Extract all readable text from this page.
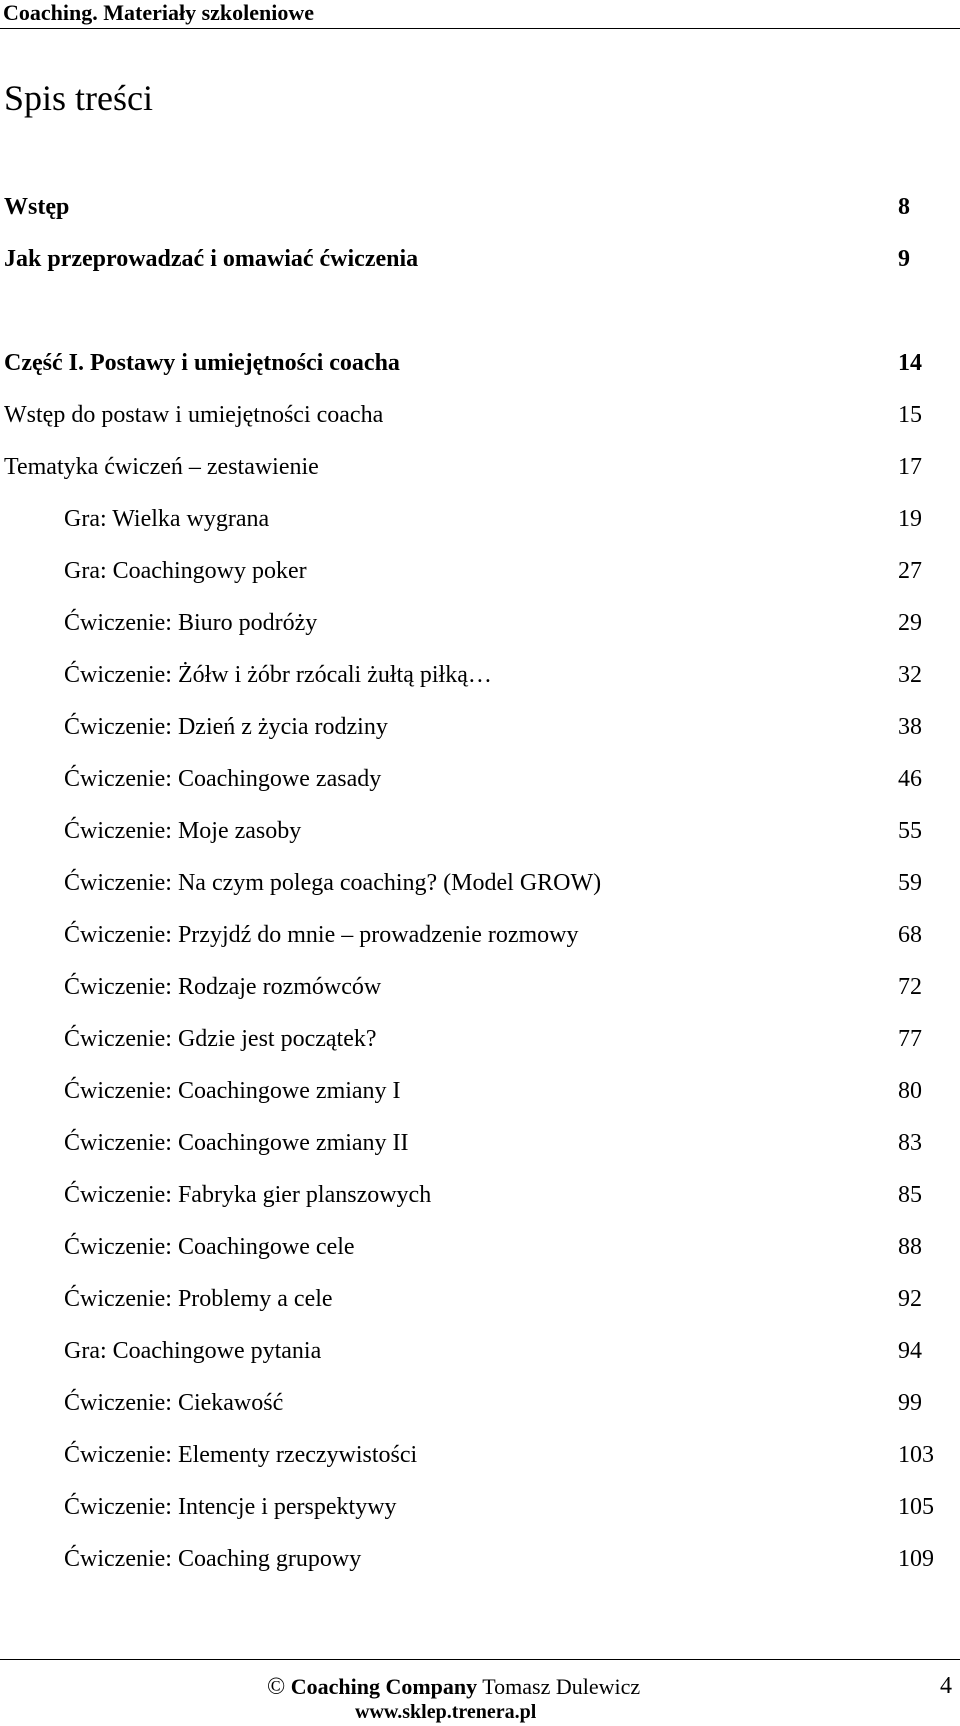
Coaching. Materiały szkoleniowe
Spis treści
Wstęp	8
Jak przeprowadzać i omawiać ćwiczenia	9
Część I. Postawy i umiejętności coacha	14
Wstęp do postaw i umiejętności coacha	15
Tematyka ćwiczeń – zestawienie	17
Gra: Wielka wygrana	19
Gra: Coachingowy poker	27
Ćwiczenie: Biuro podróży	29
Ćwiczenie: Żółw i żóbr rzócali żułtą piłką…	32
Ćwiczenie: Dzień z życia rodziny	38
Ćwiczenie: Coachingowe zasady	46
Ćwiczenie: Moje zasoby	55
Ćwiczenie: Na czym polega coaching? (Model GROW)	59
Ćwiczenie: Przyjdź do mnie – prowadzenie rozmowy	68
Ćwiczenie: Rodzaje rozmówców	72
Ćwiczenie: Gdzie jest początek?	77
Ćwiczenie: Coachingowe zmiany I	80
Ćwiczenie: Coachingowe zmiany II	83
Ćwiczenie: Fabryka gier planszowych	85
Ćwiczenie: Coachingowe cele	88
Ćwiczenie: Problemy a cele	92
Gra: Coachingowe pytania	94
Ćwiczenie: Ciekawość	99
Ćwiczenie: Elementy rzeczywistości	103
Ćwiczenie: Intencje i perspektywy	105
Ćwiczenie: Coaching grupowy	109
© Coaching Company Tomasz Dulewicz
www.sklep.trenera.pl
4
